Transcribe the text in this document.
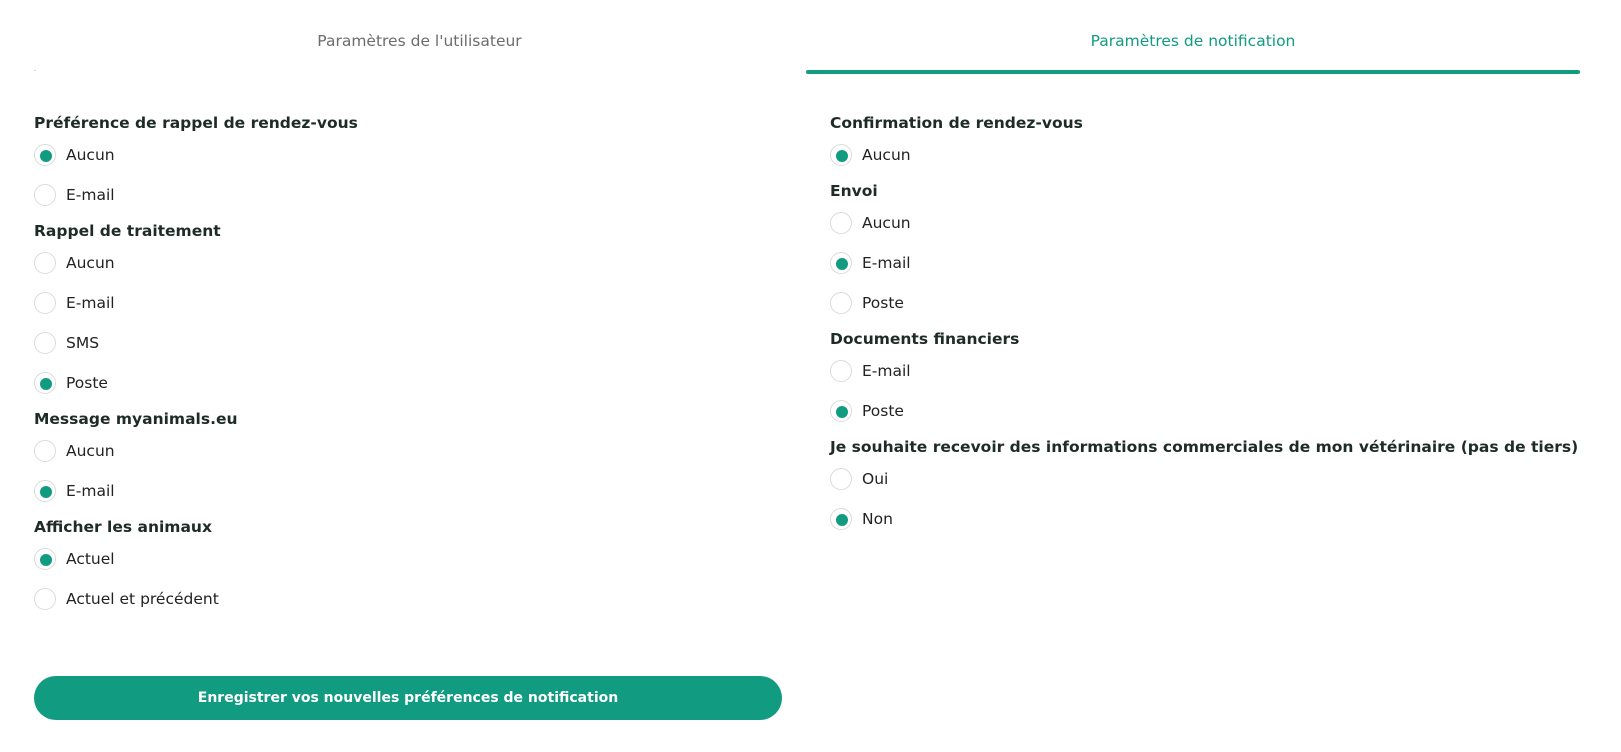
Paramètres de l'utilisateur	Paramètres de notification
Préférence de rappel de rendez-vous
Aucun
E-mail
Rappel de traitement
Aucun
E-mail
SMS
Poste
Message myanimals.eu
Aucun
E-mail
Afficher les animaux
Actuel
Actuel et précédent
Confirmation de rendez-vous
Aucun
Envoi
Aucun
E-mail
Poste
Documents financiers
E-mail
Poste
Je souhaite recevoir des informations commerciales de mon vétérinaire (pas de tiers)
Oui
Non
Enregistrer vos nouvelles préférences de notification
